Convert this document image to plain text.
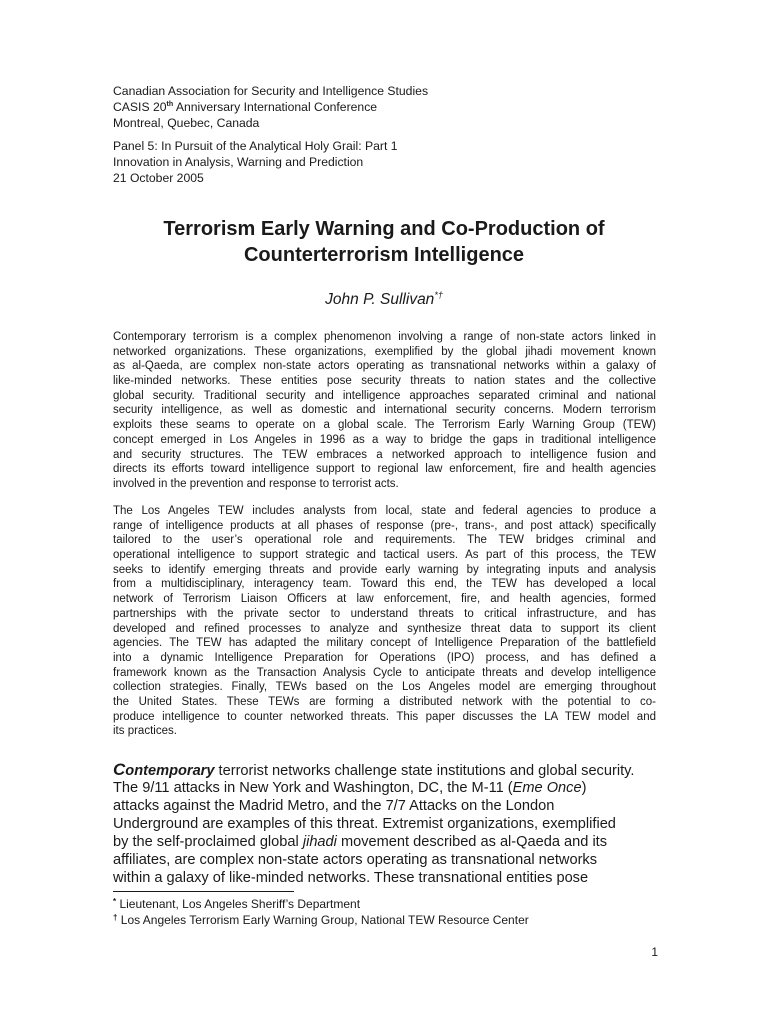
Canadian Association for Security and Intelligence Studies
CASIS 20th Anniversary International Conference
Montreal, Quebec, Canada
Panel 5: In Pursuit of the Analytical Holy Grail: Part 1
Innovation in Analysis, Warning and Prediction
21 October 2005
Terrorism Early Warning and Co-Production of
Counterterrorism Intelligence
John P. Sullivan*†
Contemporary terrorism is a complex phenomenon involving a range of non-state actors linked in
networked organizations. These organizations, exemplified by the global jihadi movement known
as al-Qaeda, are complex non-state actors operating as transnational networks within a galaxy of
like-minded networks. These entities pose security threats to nation states and the collective
global security. Traditional security and intelligence approaches separated criminal and national
security intelligence, as well as domestic and international security concerns. Modern terrorism
exploits these seams to operate on a global scale. The Terrorism Early Warning Group (TEW)
concept emerged in Los Angeles in 1996 as a way to bridge the gaps in traditional intelligence
and security structures. The TEW embraces a networked approach to intelligence fusion and
directs its efforts toward intelligence support to regional law enforcement, fire and health agencies
involved in the prevention and response to terrorist acts.
The Los Angeles TEW includes analysts from local, state and federal agencies to produce a
range of intelligence products at all phases of response (pre-, trans-, and post attack) specifically
tailored to the user’s operational role and requirements. The TEW bridges criminal and
operational intelligence to support strategic and tactical users. As part of this process, the TEW
seeks to identify emerging threats and provide early warning by integrating inputs and analysis
from a multidisciplinary, interagency team. Toward this end, the TEW has developed a local
network of Terrorism Liaison Officers at law enforcement, fire, and health agencies, formed
partnerships with the private sector to understand threats to critical infrastructure, and has
developed and refined processes to analyze and synthesize threat data to support its client
agencies. The TEW has adapted the military concept of Intelligence Preparation of the battlefield
into a dynamic Intelligence Preparation for Operations (IPO) process, and has defined a
framework known as the Transaction Analysis Cycle to anticipate threats and develop intelligence
collection strategies. Finally, TEWs based on the Los Angeles model are emerging throughout
the United States. These TEWs are forming a distributed network with the potential to co-
produce intelligence to counter networked threats. This paper discusses the LA TEW model and
its practices.
Contemporary terrorist networks challenge state institutions and global security.
The 9/11 attacks in New York and Washington, DC, the M-11 (Eme Once)
attacks against the Madrid Metro, and the 7/7 Attacks on the London
Underground are examples of this threat. Extremist organizations, exemplified
by the self-proclaimed global jihadi movement described as al-Qaeda and its
affiliates, are complex non-state actors operating as transnational networks
within a galaxy of like-minded networks. These transnational entities pose
* Lieutenant, Los Angeles Sheriff’s Department
† Los Angeles Terrorism Early Warning Group, National TEW Resource Center
1
